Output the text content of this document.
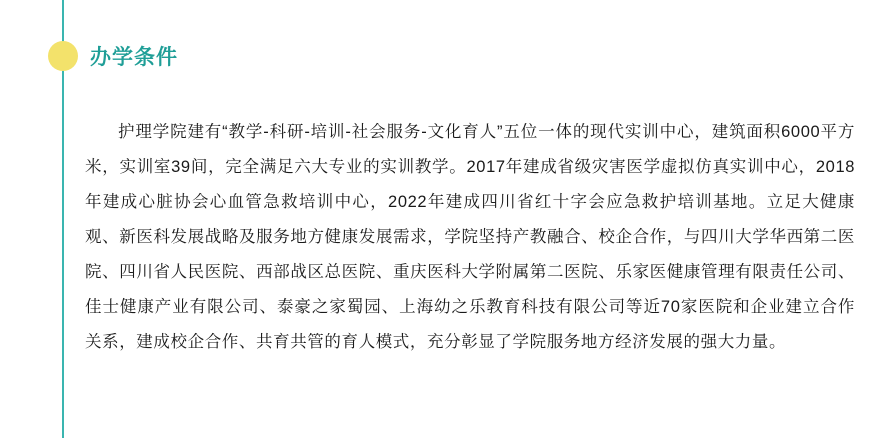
办学条件

护理学院建有“教学-科研-培训-社会服务-文化育人”五位一体的现代实训中心，建筑面积6000平方米，实训室39间，完全满足六大专业的实训教学。2017年建成省级灾害医学虚拟仿真实训中心，2018年建成心脏协会心血管急救培训中心，2022年建成四川省红十字会应急救护培训基地。立足大健康观、新医科发展战略及服务地方健康发展需求，学院坚持产教融合、校企合作，与四川大学华西第二医院、四川省人民医院、西部战区总医院、重庆医科大学附属第二医院、乐家医健康管理有限责任公司、佳士健康产业有限公司、泰豪之家蜀园、上海幼之乐教育科技有限公司等近70家医院和企业建立合作关系，建成校企合作、共育共管的育人模式，充分彰显了学院服务地方经济发展的强大力量。
